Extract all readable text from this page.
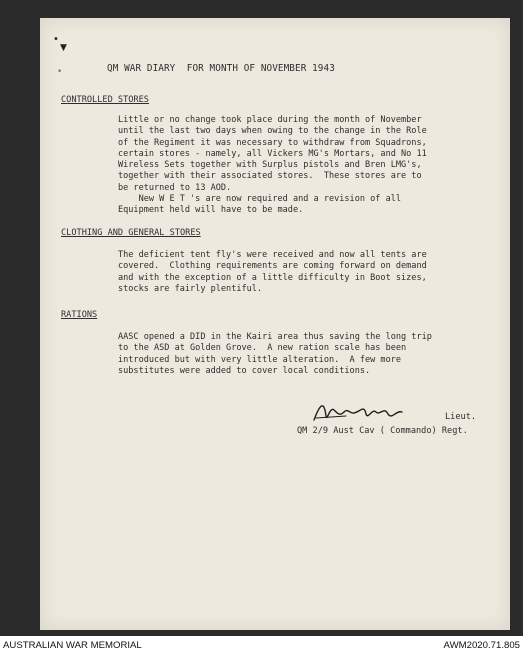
•
▼
•	QM WAR DIARY  FOR MONTH OF NOVEMBER 1943
CONTROLLED STORES
Little or no change took place during the month of November
until the last two days when owing to the change in the Role
of the Regiment it was necessary to withdraw from Squadrons,
certain stores - namely, all Vickers MG's Mortars, and No 11
Wireless Sets together with Surplus pistols and Bren LMG's,
together with their associated stores.  These stores are to
be returned to 13 AOD.
New W E T 's are now required and a revision of all
Equipment held will have to be made.
CLOTHING AND GENERAL STORES
The deficient tent fly's were received and now all tents are
covered.  Clothing requirements are coming forward on demand
and with the exception of a little difficulty in Boot sizes,
stocks are fairly plentiful.
RATIONS
AASC opened a DID in the Kairi area thus saving the long trip
to the ASD at Golden Grove.  A new ration scale has been
introduced but with very little alteration.  A few more
substitutes were added to cover local conditions.
Lieut.
QM 2/9 Aust Cav ( Commando) Regt.
AUSTRALIAN WAR MEMORIAL	AWM2020.71.805
